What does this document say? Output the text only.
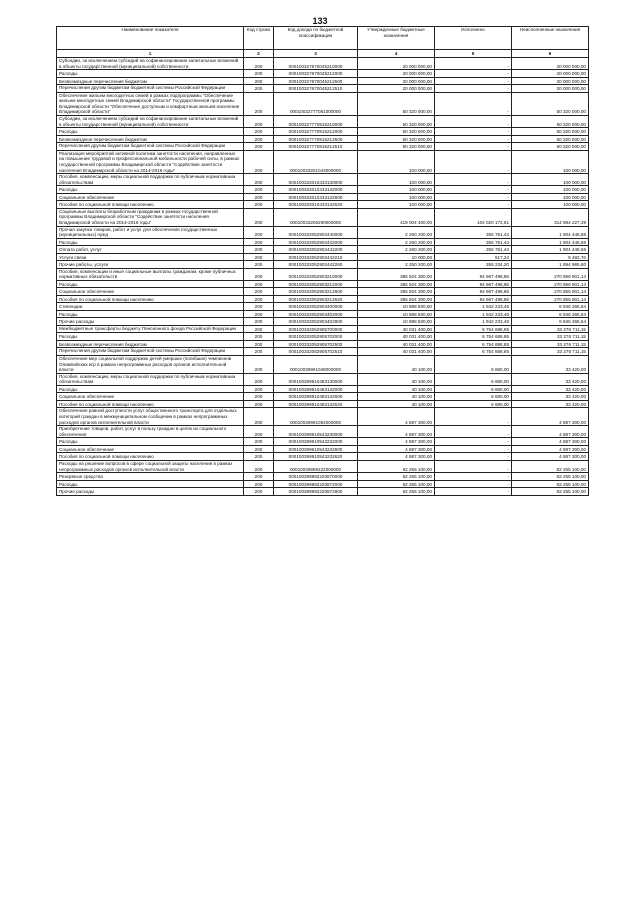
133
Наименование показателя	Код строки	Код дохода по бюджетной классификации	Утвержденные бюджетные назначения	Исполнено	Неисполненные назначения
1	2	3	4	5	6
Субсидии, за исключением субсидий на софинансирование капитальных вложений в объекты государственной (муниципальной) собственности	200	000100327670045210000	20 000 000,00	-	20 000 000,00
Расходы	200	000100327670045212000	20 000 000,00	-	20 000 000,00
Безвозмездные перечисления бюджетам	200	000100327670045212500	20 000 000,00	-	20 000 000,00
Перечисления другим бюджетам бюджетной системы Российской Федерации	200	000100327670045212510	20 000 000,00	-	20 000 000,00
Обеспечение жильем многодетных семей в рамках подпрограммы "Обеспечение жильем многодетных семей Владимирской области" Государственной программы Владимирской области "Обеспечение доступным и комфортным жильем населения Владимирской области"	200	00010032777081000000	50 320 000,00	-	50 320 000,00
Субсидии, за исключением субсидий на софинансирование капитальных вложений в объекты государственной (муниципальной) собственности	200	000100327770815210000	50 320 000,00	-	50 320 000,00
Расходы	200	000100327770815212000	50 320 000,00	-	50 320 000,00
Безвозмездные перечисления бюджетам	200	000100327770815212500	50 320 000,00	-	50 320 000,00
Перечисления другим бюджетам бюджетной системы Российской Федерации	200	000100327770815212510	50 320 000,00	-	50 320 000,00
Реализация мероприятий активной политики занятости населения, направленных на повышение трудовой и профессиональной мобильности рабочей силы, в рамках государственной программы Владимирской области "Содействие занятости населения Владимирской области на 2014-2016 годы"	200	00010033201043000000	100 000,00	-	100 000,00
Пособия, компенсации, меры социальной поддержки по публичным нормативным обязательствам	200	000100332010433130000	100 000,00	-	100 000,00
Расходы	200	000100332010433132000	100 000,00	-	100 000,00
Социальное обеспечение	200	000100332010433132600	100 000,00	-	100 000,00
Пособия по социальной помощи населению	200	000100332010433132620	100 000,00	-	100 000,00
Социальные выплаты безработным гражданам в рамках государственной программы Владимирской области "Содействие занятости населения Владимирской области на 2014-2016 годы"	200	00010033205290000000	419 004 400,00	104 020 172,61	314 984 227,39
Прочая закупка товаров, работ и услуг для обеспечения государственных (муниципальных) нужд	200	000100332052902440000	2 260 200,00	355 751,44	1 904 448,56
Расходы	200	000100332052902442000	2 260 200,00	355 751,44	1 904 448,56
Оплата работ, услуг	200	000100332052902442200	2 260 200,00	355 751,44	1 904 448,56
Услуги связи	200	000100332052902442210	10 000,00	517,24	9 482,76
Прочие работы, услуги	200	000100332052902442260	2 250 200,00	355 234,20	1 894 965,80
Пособия, компенсации и иные социальные выплаты гражданам, кроме публичных нормативных обязательств	200	000100332052903210000	365 824 300,00	94 967 498,86	270 856 801,14
Расходы	200	000100332052903212000	365 824 300,00	94 967 498,86	270 856 801,14
Социальное обеспечение	200	000100332052903212600	365 824 300,00	94 967 498,86	270 856 801,14
Пособия по социальной помощи населению	200	000100332052903212620	365 824 300,00	94 967 498,86	270 856 801,14
Стипендии	200	000100332052903400000	10 888 500,00	1 942 233,46	8 946 266,54
Расходы	200	000100332052903402000	10 888 500,00	1 942 233,46	8 946 266,54
Прочие расходы	200	000100332052903402900	10 888 500,00	1 942 233,46	8 946 266,54
Межбюджетные трансферты бюджету Пенсионного фонда Российской Федерации	200	000100332052905700000	40 031 400,00	6 754 688,85	33 276 711,15
Расходы	200	000100332052905702000	40 031 400,00	6 754 688,85	33 276 711,15
Безвозмездные перечисления бюджетам	200	000100332052905702500	40 031 400,00	6 754 688,85	33 276 711,15
Перечисления другим бюджетам бюджетной системы Российской Федерации	200	000100332052905702510	40 031 400,00	6 754 688,85	33 276 711,15
Обеспечение мер социальной поддержки детей умерших (погибших) чемпионов Олимпийских игр в рамках непрограммных расходов органов исполнительной власти	200	00010039991048000000	40 100,00	6 680,00	33 420,00
Пособия, компенсации, меры социальной поддержки по публичным нормативным обязательствам	200	000100399910483130000	40 100,00	6 680,00	33 420,00
Расходы	200	000100399910483132000	40 100,00	6 680,00	33 420,00
Социальное обеспечение	200	000100399910483132600	40 100,00	6 680,00	33 420,00
Пособия по социальной помощи населению	200	000100399910483132620	40 100,00	6 680,00	33 420,00
Обеспечение равной доступности услуг общественного транспорта для отдельных категорий граждан в межмуниципальном сообщении в рамках непрограммных расходов органов исполнительной власти	200	00010039991054000000	4 887 300,00	-	4 887 300,00
Приобретение товаров, работ, услуг в пользу граждан в целях их социального обеспечения	200	000100399910543230000	4 887 300,00	-	4 887 300,00
Расходы	200	000100399910543232000	4 887 300,00	-	4 887 300,00
Социальное обеспечение	200	000100399910543232600	4 887 300,00	-	4 887 300,00
Пособия по социальной помощи населению	200	000100399910543232620	4 887 300,00	-	4 887 300,00
Расходы на решение вопросов в сфере социальной защиты населения в рамках непрограммных расходов органов исполнительной власти	200	00010039999222000000	62 255 100,00	-	62 255 100,00
Резервные средства	200	000100399992220870000	62 255 100,00	-	62 255 100,00
Расходы	200	000100399992220872000	62 255 100,00	-	62 255 100,00
Прочие расходы	200	000100399992220872900	62 255 100,00	-	62 255 100,00
